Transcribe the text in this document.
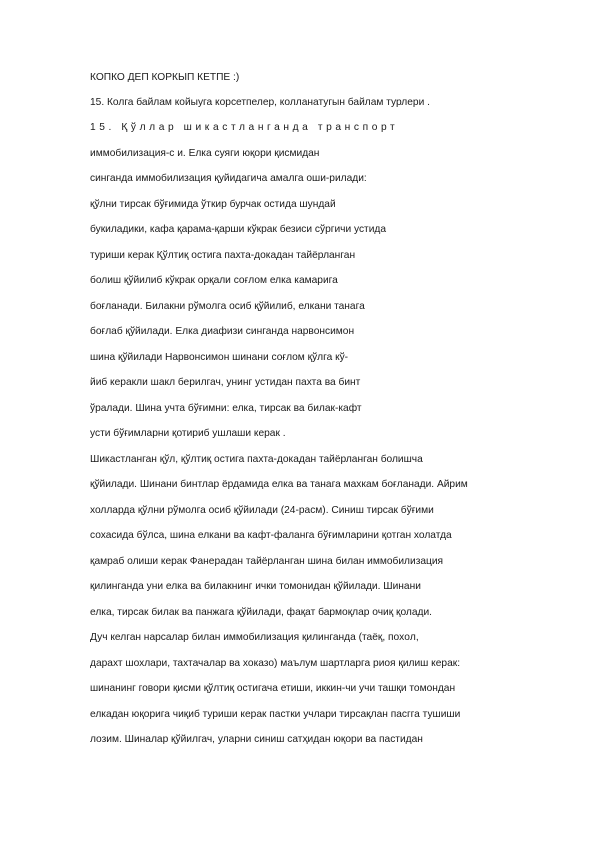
КОПКО ДЕП КОРКЫП КЕТПЕ :)
15. Колга байлам койыуга корсетпелер, колланатугын байлам турлери .
15. Қўллар шикастланганда транспорт
иммобилизация-с и. Елка суяги юқори қисмидан
синганда иммобилизация қуйидагича амалга оши-рилади:
қўлни тирсак бўғимида ўткир бурчак остида шундай
букиладики, кафа қарама-қарши кўкрак безиси сўргичи устида
туриши керак Қўлтиқ остига пахта-докадан тайёрланган
болиш қўйилиб кўкрак орқали соғлом елка камарига
боғланади. Билакни рўмолга осиб қўйилиб, елкани танага
боғлаб қўйилади. Елка диафизи синганда нарвонсимон
шина қўйилади Нарвонсимон шинани соғлом қўлга кў-
йиб керакли шакл берилгач, унинг устидан пахта ва бинт
ўралади. Шина учта бўғимни: елка, тирсак ва билак-кафт
усти бўғимларни қотириб ушлаши керак .
Шикастланган қўл, қўлтиқ остига пахта-докадан тайёрланган болишча
қўйилади. Шинани бинтлар ёрдамида елка ва танага махкам боғланади. Айрим
холларда қўлни рўмолга осиб қўйилади (24-расм). Синиш тирсак бўғими
сохасида бўлса, шина елкани ва кафт-фаланга бўғимларини қотган холатда
қамраб олиши керак Фанерадан тайёрланган шина билан иммобилизация
қилинганда уни елка ва билакнинг ички томонидан қўйилади. Шинани
елка, тирсак билак ва панжага қўйилади, фақат бармоқлар очиқ қолади.
Дуч келган нарсалар билан иммобилизация қилинганда (таёқ, пoхoл,
дарахт шохлари, тахтачалар ва хоказо) маълум шартларга риоя қилиш керак:
шинанинг говори қисми қўлтиқ остигача етиши, иккин-чи учи ташқи томондан
елкадан юқорига чиқиб туриши керак пастки учлари тирсақлан пасгга тушиши
лозим. Шиналар қўйилгач, уларни синиш сатҳидан юқори ва пастидан
